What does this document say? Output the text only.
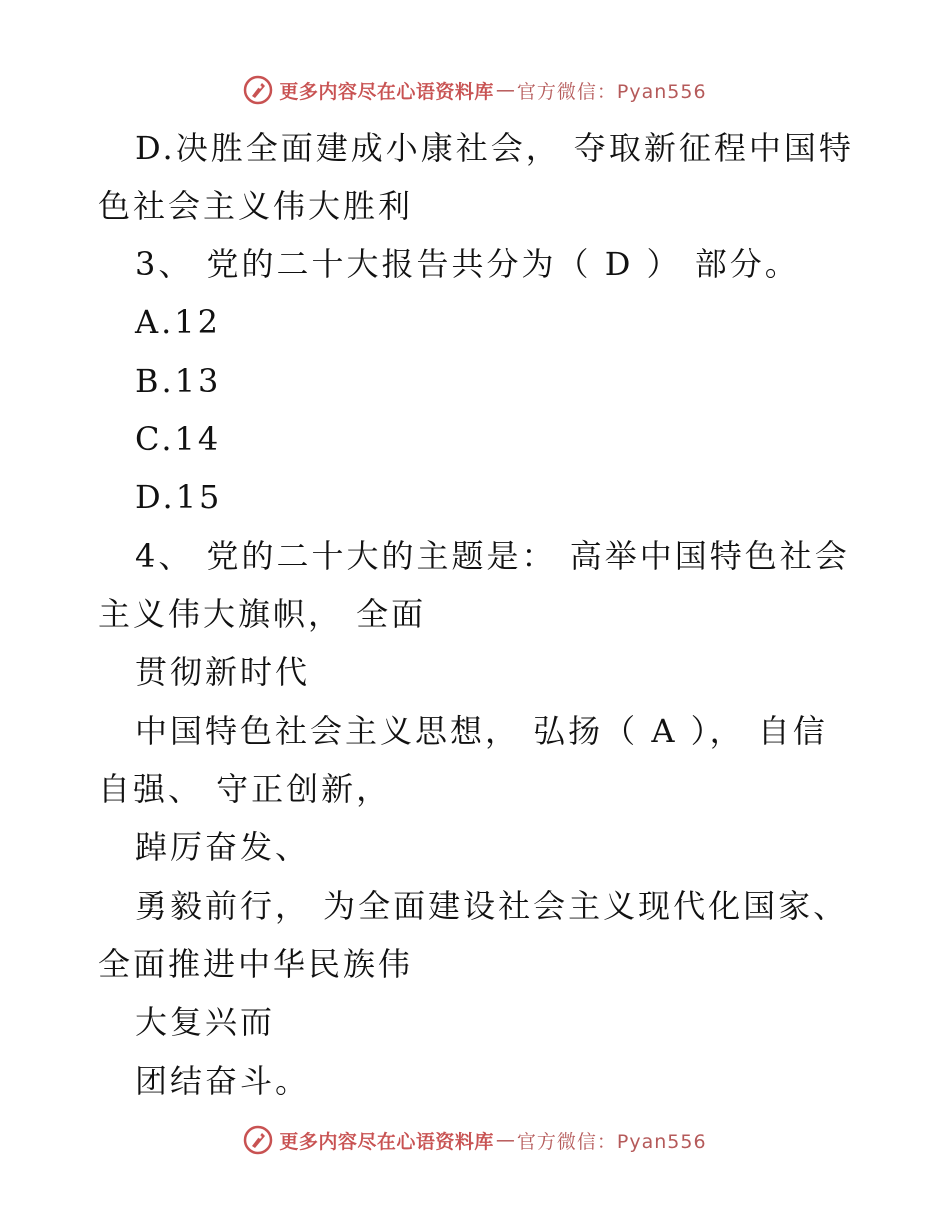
更多内容尽在心语资料库 — 官方微信：Pyan556
D.决胜全面建成小康社会， 夺取新征程中国特
色社会主义伟大胜利
3、 党的二十大报告共分为（ D ） 部分。
A.12
B.13
C.14
D.15
4、 党的二十大的主题是： 高举中国特色社会
主义伟大旗帜， 全面
贯彻新时代
中国特色社会主义思想， 弘扬（ A ）， 自信
自强、 守正创新，
踔厉奋发、
勇毅前行， 为全面建设社会主义现代化国家、
全面推进中华民族伟
大复兴而
团结奋斗。
更多内容尽在心语资料库 — 官方微信：Pyan556
